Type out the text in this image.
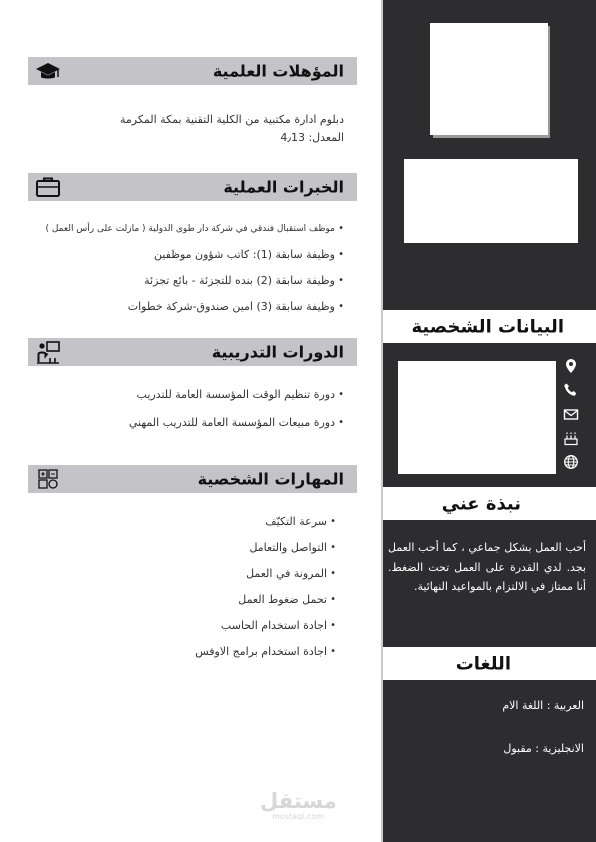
البيانات الشخصية
نبذة عني

أحب العمل بشكل جماعي ، كما أحب العمل بجد. لدي القدرة على العمل تحت الضغط. أنا ممتاز في الالتزام بالمواعيد النهائية.

اللغات
العربية : اللغة الام
الانجليزية : مقبول
المؤهلات العلمية

دبلوم ادارة مكتبية من الكلية التقنية بمكة المكرمة

المعدل: 4٫13
الخبرات العملية
• موظف استقبال فندقي في شركة دار طوى الدولية ( مازلت على رأس العمل )
• وظيفة سابقة (1): كاتب شؤون موظفين
• وظيفة سابقة (2) بنده للتجزئة - بائع تجزئة
• وظيفة سابقة (3) امين صندوق-شركة خطوات
الدورات التدريبية
• دورة تنظيم الوقت المؤسسة العامة للتدريب
• دورة مبيعات المؤسسة العامة للتدريب المهني
المهارات الشخصية
• سرعة التكيّف
• التواصل والتعامل
• المرونة في العمل
• تحمل ضغوط العمل
• اجادة استخدام الحاسب
• اجادة استخدام برامج الاوفس
مستقل
mostaql.com
